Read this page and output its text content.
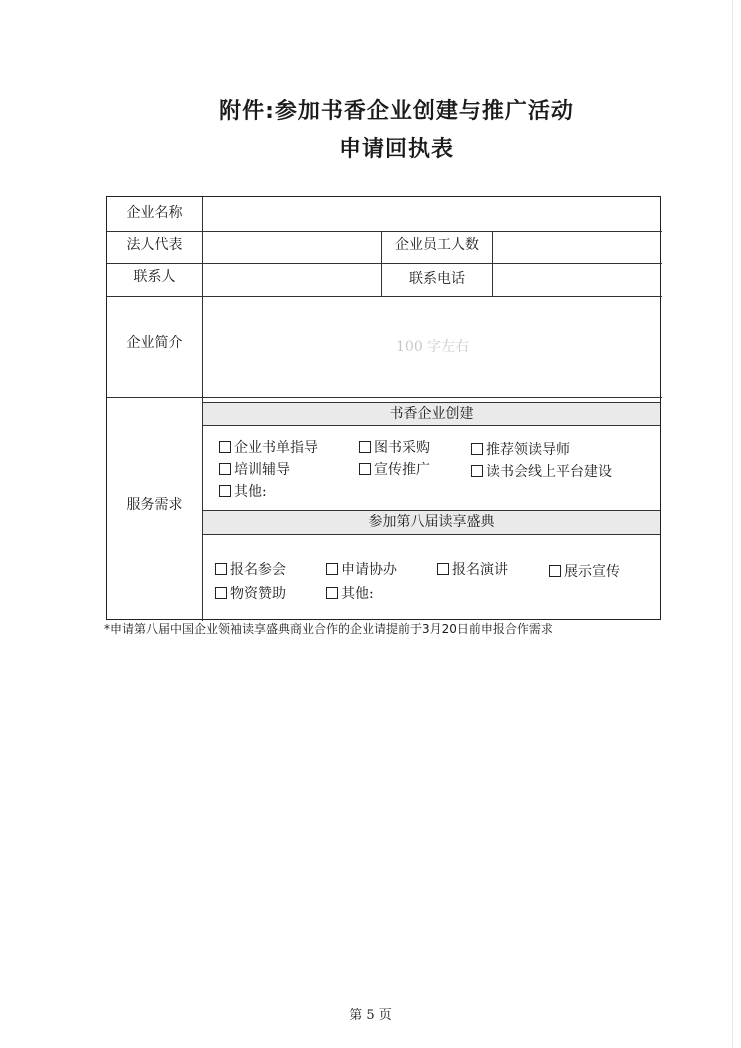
附件:参加书香企业创建与推广活动
申请回执表
企业名称
法人代表	企业员工人数
联系人	联系电话
企业简介	100 字左右
服务需求
书香企业创建
企业书单指导	图书采购	推荐领读导师
培训辅导	宣传推广	读书会线上平台建设
其他:
参加第八届读享盛典
报名参会	申请协办	报名演讲	展示宣传
物资赞助	其他:
*申请第八届中国企业领袖读享盛典商业合作的企业请提前于3月20日前申报合作需求
第 5 页
